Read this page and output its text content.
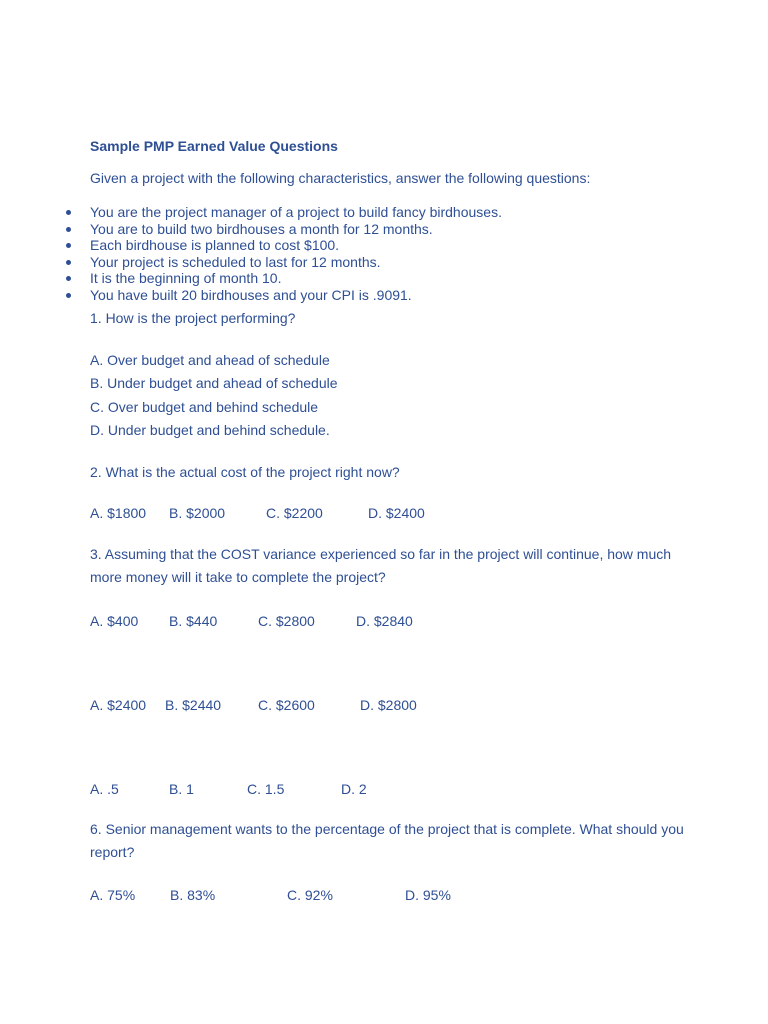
Sample PMP Earned Value Questions
Given a project with the following characteristics, answer the following questions:
You are the project manager of a project to build fancy birdhouses.
You are to build two birdhouses a month for 12 months.
Each birdhouse is planned to cost $100.
Your project is scheduled to last for 12 months.
It is the beginning of month 10.
You have built 20 birdhouses and your CPI is .9091.
1. How is the project performing?
A. Over budget and ahead of schedule
B. Under budget and ahead of schedule
C. Over budget and behind schedule
D. Under budget and behind schedule.
2. What is the actual cost of the project right now?
A. $1800 B. $2000	C. $2200	D. $2400
3. Assuming that the COST variance experienced so far in the project will continue, how much more money will it take to complete the project?
A. $400 B. $440	C. $2800	D. $2840
A. $2400 B. $2440	C. $2600	D. $2800
A. .5	B. 1	C. 1.5	D. 2
6. Senior management wants to the percentage of the project that is complete. What should you report?
A. 75% B. 83%	C. 92%	D. 95%
